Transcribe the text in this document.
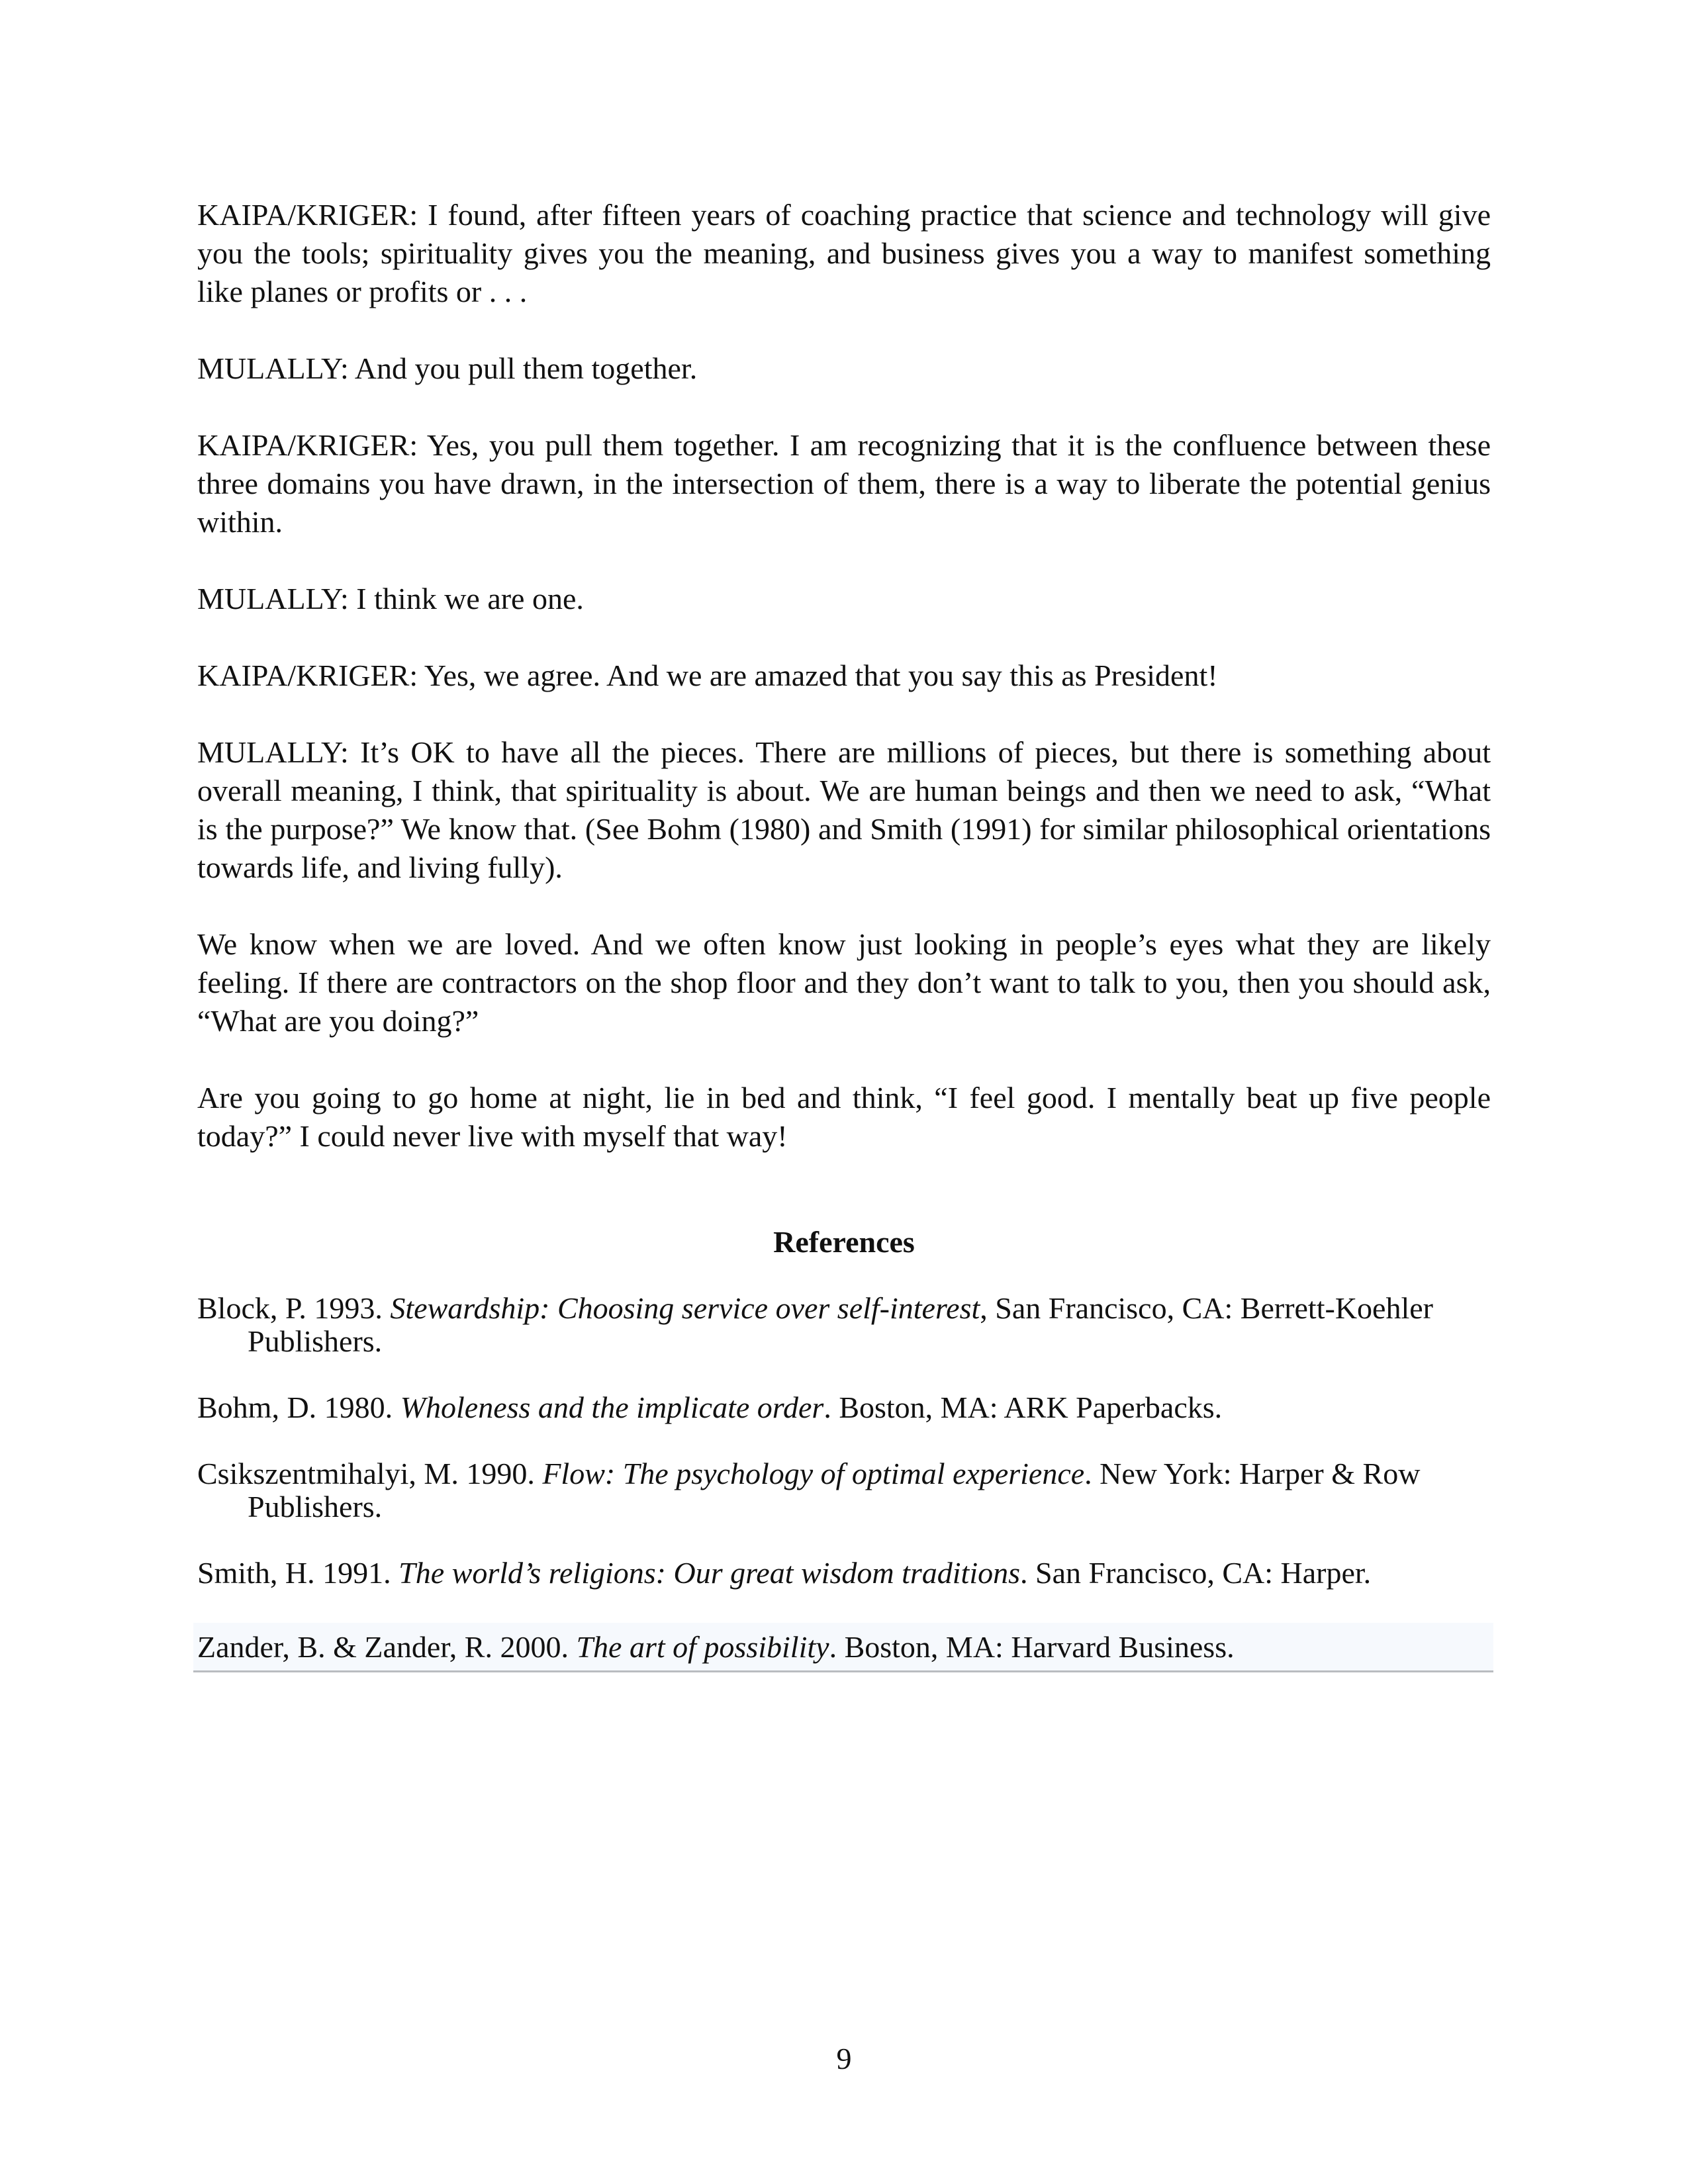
KAIPA/KRIGER: I found, after fifteen years of coaching practice that science and technology will give you the tools; spirituality gives you the meaning, and business gives you a way to manifest something like planes or profits or . . .

MULALLY: And you pull them together.

KAIPA/KRIGER: Yes, you pull them together. I am recognizing that it is the confluence between these three domains you have drawn, in the intersection of them, there is a way to liberate the potential genius within.

MULALLY: I think we are one.

KAIPA/KRIGER: Yes, we agree. And we are amazed that you say this as President!

MULALLY: It’s OK to have all the pieces. There are millions of pieces, but there is something about overall meaning, I think, that spirituality is about. We are human beings and then we need to ask, “What is the purpose?” We know that. (See Bohm (1980) and Smith (1991) for similar philosophical orientations towards life, and living fully).

We know when we are loved. And we often know just looking in people’s eyes what they are likely feeling. If there are contractors on the shop floor and they don’t want to talk to you, then you should ask, “What are you doing?”

Are you going to go home at night, lie in bed and think, “I feel good. I mentally beat up five people today?” I could never live with myself that way!

References

Block, P. 1993. Stewardship: Choosing service over self-interest, San Francisco, CA: Berrett-Koehler Publishers.

Bohm, D. 1980. Wholeness and the implicate order. Boston, MA: ARK Paperbacks.

Csikszentmihalyi, M. 1990. Flow: The psychology of optimal experience. New York: Harper & Row Publishers.

Smith, H. 1991. The world’s religions: Our great wisdom traditions. San Francisco, CA: Harper.

Zander, B. & Zander, R. 2000. The art of possibility. Boston, MA: Harvard Business.

9
